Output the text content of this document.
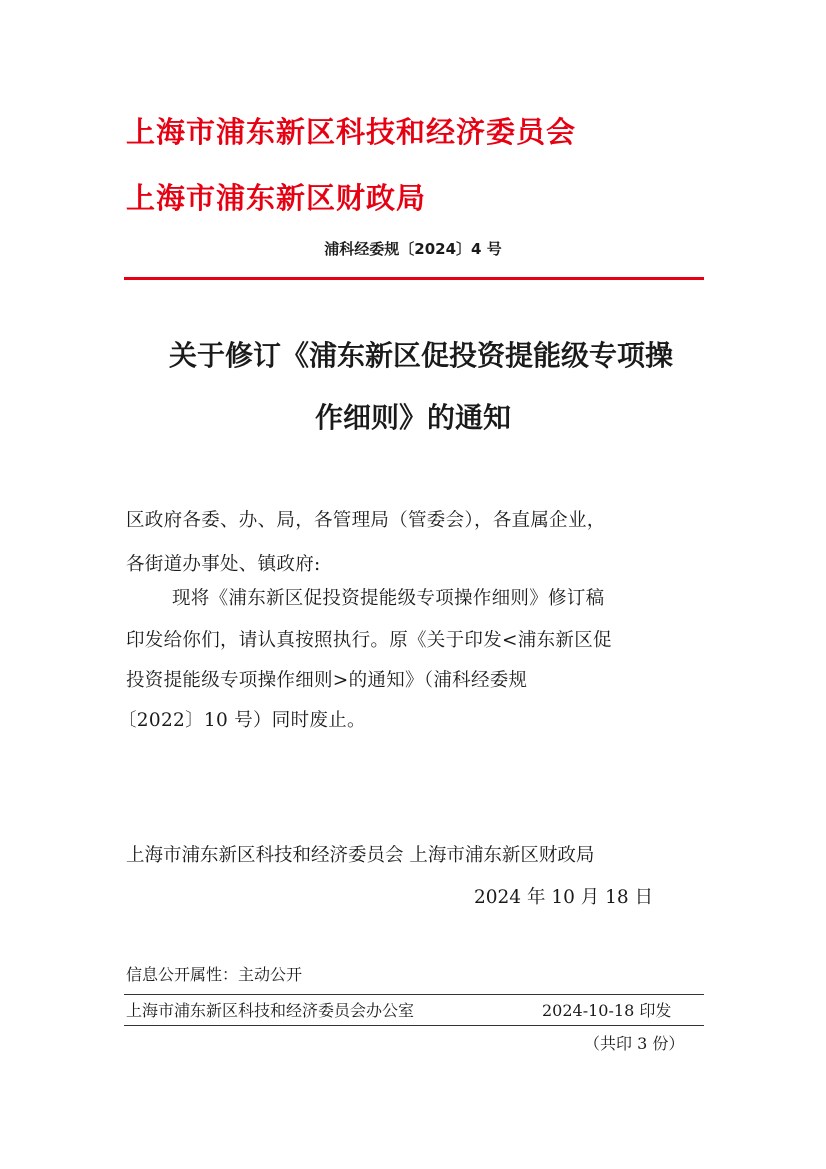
上海市浦东新区科技和经济委员会
上海市浦东新区财政局
浦科经委规〔2024〕4 号
关于修订《浦东新区促投资提能级专项操
作细则》的通知
区政府各委、办、局，各管理局（管委会），各直属企业，
各街道办事处、镇政府:
现将《浦东新区促投资提能级专项操作细则》修订稿
印发给你们，请认真按照执行。原《关于印发<浦东新区促
投资提能级专项操作细则>的通知》（浦科经委规
〔2022〕10 号）同时废止。
上海市浦东新区科技和经济委员会 上海市浦东新区财政局
2024 年 10 月 18 日
信息公开属性：主动公开
上海市浦东新区科技和经济委员会办公室	2024-10-18 印发
（共印 3 份）
